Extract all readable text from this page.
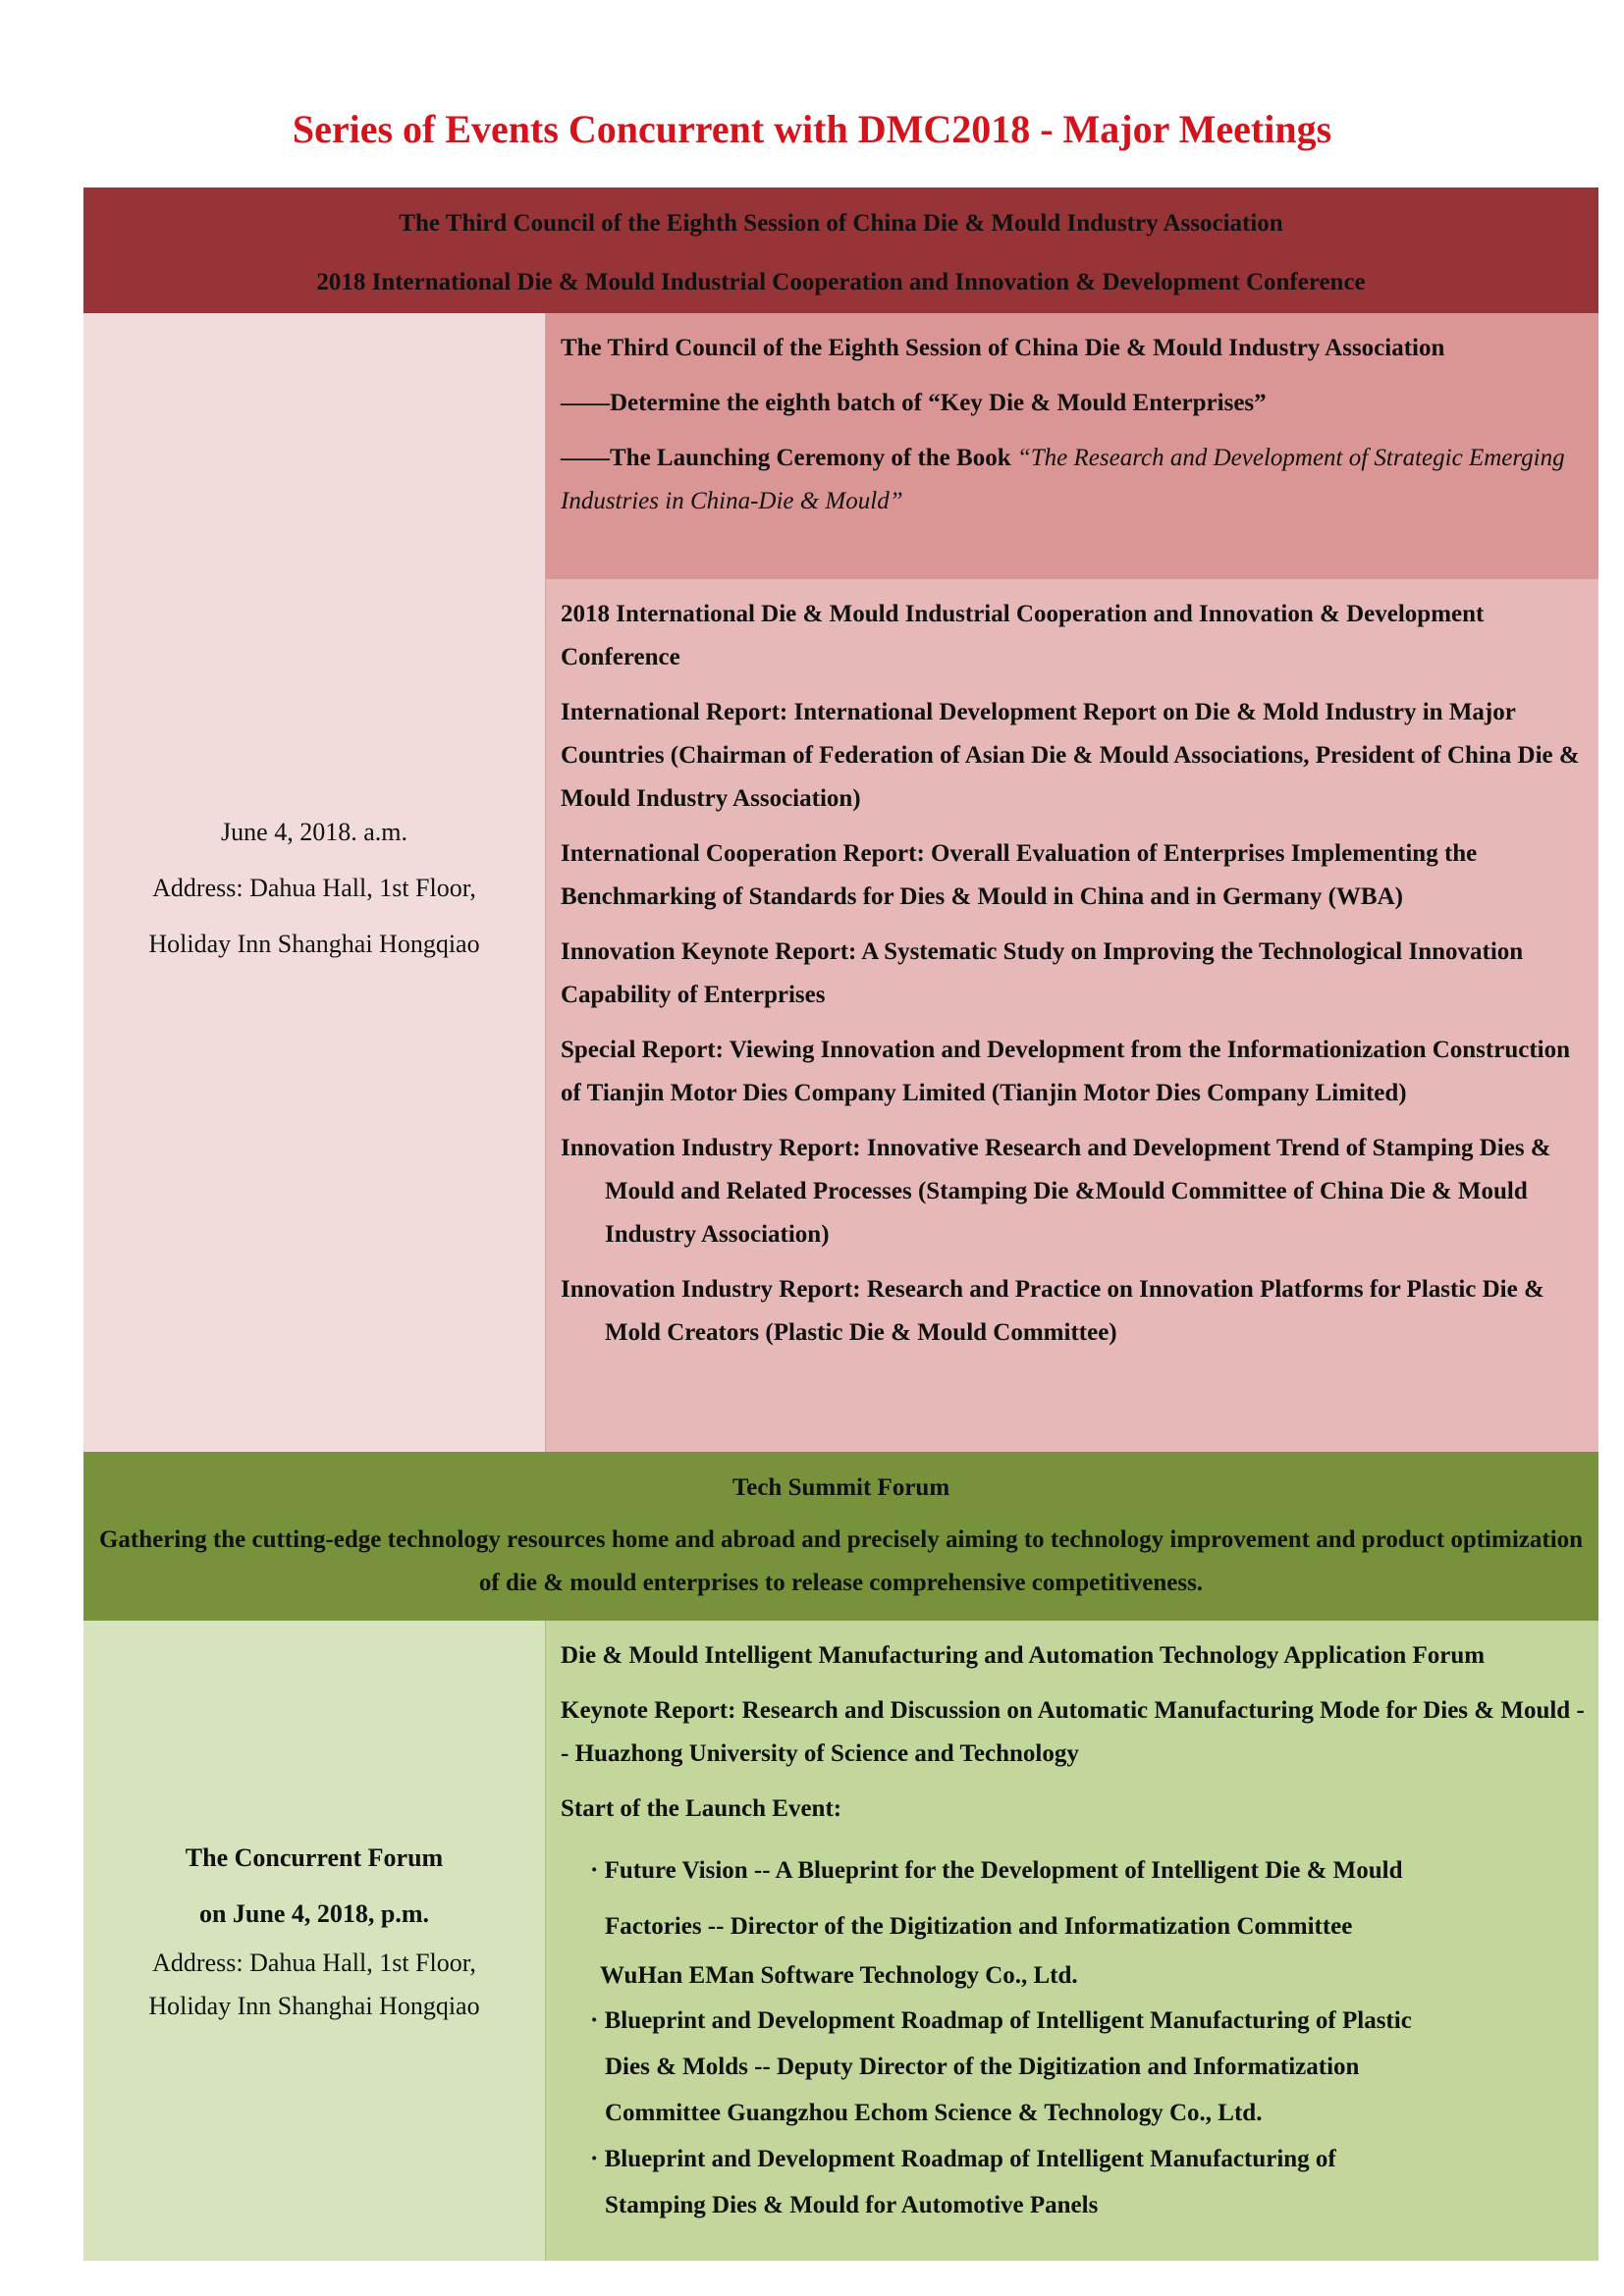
Series of Events Concurrent with DMC2018 - Major Meetings

The Third Council of the Eighth Session of China Die & Mould Industry Association

2018 International Die & Mould Industrial Cooperation and Innovation & Development Conference

June 4, 2018. a.m.

Address: Dahua Hall, 1st Floor,

Holiday Inn Shanghai Hongqiao

The Third Council of the Eighth Session of China Die & Mould Industry Association

——Determine the eighth batch of “Key Die & Mould Enterprises”

——The Launching Ceremony of the Book “The Research and Development of Strategic Emerging Industries in China-Die & Mould”

2018 International Die & Mould Industrial Cooperation and Innovation & Development Conference

International Report: International Development Report on Die & Mold Industry in Major Countries (Chairman of Federation of Asian Die & Mould Associations, President of China Die & Mould Industry Association)

International Cooperation Report: Overall Evaluation of Enterprises Implementing the Benchmarking of Standards for Dies & Mould in China and in Germany (WBA)

Innovation Keynote Report: A Systematic Study on Improving the Technological Innovation Capability of Enterprises

Special Report: Viewing Innovation and Development from the Informationization Construction of Tianjin Motor Dies Company Limited (Tianjin Motor Dies Company Limited)

Innovation Industry Report: Innovative Research and Development Trend of Stamping Dies & Mould and Related Processes (Stamping Die &Mould Committee of China Die & Mould Industry Association)

Innovation Industry Report: Research and Practice on Innovation Platforms for Plastic Die & Mold Creators (Plastic Die & Mould Committee)

Tech Summit Forum

Gathering the cutting-edge technology resources home and abroad and precisely aiming to technology improvement and product optimization of die & mould enterprises to release comprehensive competitiveness.

The Concurrent Forum

on June 4, 2018, p.m.

Address: Dahua Hall, 1st Floor,

Holiday Inn Shanghai Hongqiao

Die & Mould Intelligent Manufacturing and Automation Technology Application Forum

Keynote Report: Research and Discussion on Automatic Manufacturing Mode for Dies & Mould -- Huazhong University of Science and Technology

Start of the Launch Event:

· Future Vision -- A Blueprint for the Development of Intelligent Die & Mould
Factories -- Director of the Digitization and Informatization Committee
WuHan EMan Software Technology Co., Ltd.
· Blueprint and Development Roadmap of Intelligent Manufacturing of Plastic
Dies & Molds -- Deputy Director of the Digitization and Informatization
Committee Guangzhou Echom Science & Technology Co., Ltd.
· Blueprint and Development Roadmap of Intelligent Manufacturing of
Stamping Dies & Mould for Automotive Panels
